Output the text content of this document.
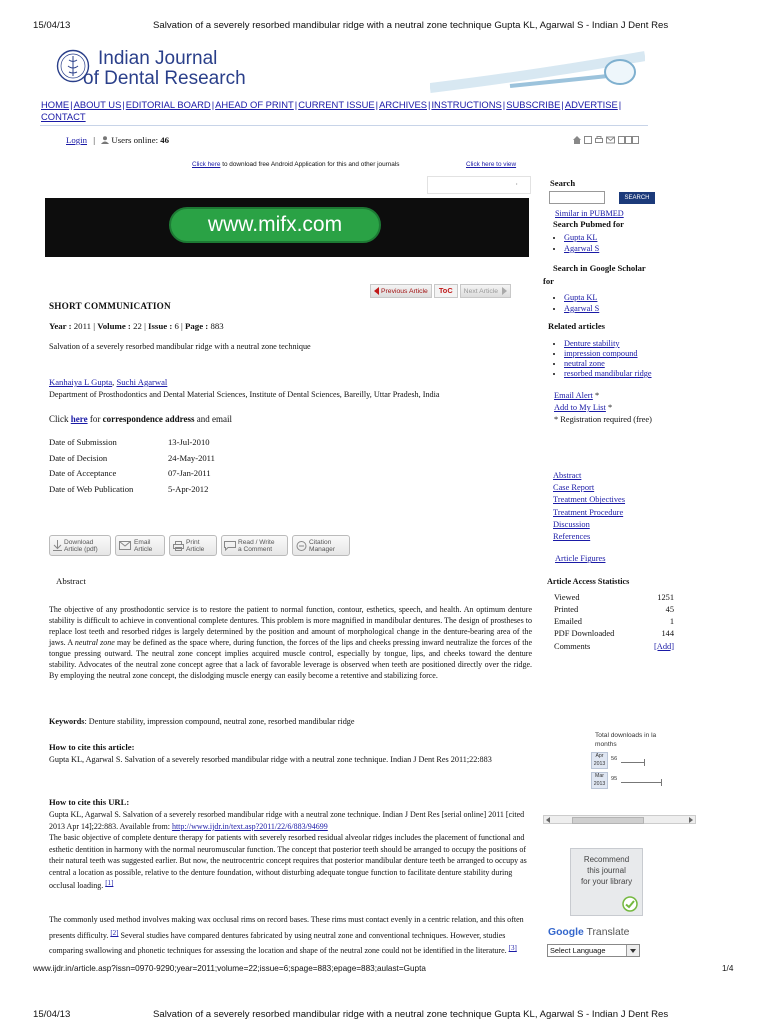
15/04/13	Salvation of a severely resorbed mandibular ridge with a neutral zone technique Gupta KL, Agarwal S - Indian J Dent Res
Indian Journal
of Dental Research
HOME|ABOUT US|EDITORIAL BOARD|AHEAD OF PRINT|CURRENT ISSUE|ARCHIVES|INSTRUCTIONS|SUBSCRIBE|ADVERTISE|
CONTACT
Login | Users online: 46
Click here to download free Android Application for this and other journals	Click here to view
·
www.mifx.com
Previous Article	ToC	Next Article
SHORT COMMUNICATION
Year : 2011 | Volume : 22 | Issue : 6 | Page : 883
Salvation of a severely resorbed mandibular ridge with a neutral zone technique
Kanhaiya L Gupta, Suchi Agarwal
Department of Prosthodontics and Dental Material Sciences, Institute of Dental Sciences, Bareilly, Uttar Pradesh, India
Click here for correspondence address and email
Date of Submission	13-Jul-2010
Date of Decision	24-May-2011
Date of Acceptance	07-Jan-2011
Date of Web Publication	5-Apr-2012
Download
Article (pdf)
Email
Article
Print
Article
Read / Write
a Comment
Citation
Manager
Abstract
The objective of any prosthodontic service is to restore the patient to normal function, contour, esthetics, speech, and health. An optimum denture stability is difficult to achieve in conventional complete dentures. This problem is more magnified in mandibular dentures. The design of prostheses to replace lost teeth and resorbed ridges is largely determined by the position and amount of morphological change in the denture-bearing area of the jaws. A neutral zone may be defined as the space where, during function, the forces of the lips and cheeks pressing inward neutralize the forces of the tongue pressing outward. The neutral zone concept implies acquired muscle control, especially by tongue, lips, and cheeks toward the denture stability. Advocates of the neutral zone concept agree that a lack of favorable leverage is observed when teeth are positioned directly over the ridge. By employing the neutral zone concept, the dislodging muscle energy can easily become a retentive and stabilizing force.
Keywords: Denture stability, impression compound, neutral zone, resorbed mandibular ridge
How to cite this article:
Gupta KL, Agarwal S. Salvation of a severely resorbed mandibular ridge with a neutral zone technique. Indian J Dent Res 2011;22:883
How to cite this URL:
Gupta KL, Agarwal S. Salvation of a severely resorbed mandibular ridge with a neutral zone technique. Indian J Dent Res [serial online] 2011 [cited 2013 Apr 14];22:883. Available from: http://www.ijdr.in/text.asp?2011/22/6/883/94699
The basic objective of complete denture therapy for patients with severely resorbed residual alveolar ridges includes the placement of functional and esthetic dentition in harmony with the normal neuromuscular function. The concept that posterior teeth should be arranged to occupy the positions of their natural teeth was suggested earlier. But now, the neutrocentric concept requires that posterior mandibular denture teeth be arranged to occupy as central a location as possible, relative to the denture foundation, without disturbing adequate tongue function to facilitate denture stability during occlusal loading. [1]
The commonly used method involves making wax occlusal rims on record bases. These rims must contact evenly in a centric relation, and this often presents difficulty. [2] Several studies have compared dentures fabricated by using neutral zone and conventional techniques. However, studies comparing swallowing and phonetic techniques for assessing the location and shape of the neutral zone could not be identified in the literature. [3]
Search
SEARCH
Similar in PUBMED
Search Pubmed for
• Gupta KL
• Agarwal S
Search in Google Scholar
for
• Gupta KL
• Agarwal S
Related articles
• Denture stability
• impression compound
• neutral zone
• resorbed mandibular ridge
Email Alert *
Add to My List *
* Registration required (free)
Abstract
Case Report
Treatment Objectives
Treatment Procedure
Discussion
References
Article Figures
Article Access Statistics
Viewed	1251
Printed	45
Emailed	1
PDF Downloaded	144
Comments	[Add]
Total downloads in la
months
Apr
2013
56
Mar
2013
95
Recommend
this journal
for your library
Google Translate
Select Language
www.ijdr.in/article.asp?issn=0970-9290;year=2011;volume=22;issue=6;spage=883;epage=883;aulast=Gupta	1/4
15/04/13	Salvation of a severely resorbed mandibular ridge with a neutral zone technique Gupta KL, Agarwal S - Indian J Dent Res
